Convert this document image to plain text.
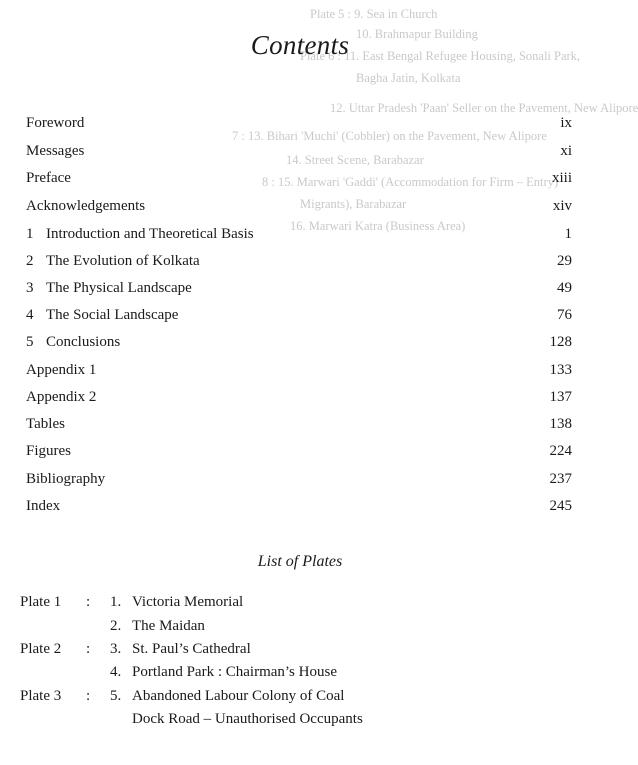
Plate 5 : 9. Sea in Church
10. Brahmapur Building
Plate 6 : 11. East Bengal Refugee Housing, Sonali Park,
Bagha Jatin, Kolkata
12. Uttar Pradesh 'Paan' Seller on the Pavement, New Alipore
7 : 13. Bihari 'Muchi' (Cobbler) on the Pavement, New Alipore
14. Street Scene, Barabazar
8 : 15. Marwari 'Gaddi' (Accommodation for Firm – Entry)
Migrants), Barabazar
16. Marwari Katra (Business Area)
Contents
Foreword	ix
Messages	xi
Preface	xiii
Acknowledgements	xiv
1 Introduction and Theoretical Basis	1
2 The Evolution of Kolkata	29
3 The Physical Landscape	49
4 The Social Landscape	76
5 Conclusions	128
Appendix 1	133
Appendix 2	137
Tables	138
Figures	224
Bibliography	237
Index	245
List of Plates
Plate 1 : 1. Victoria Memorial
2. The Maidan
Plate 2 : 3. St. Paul’s Cathedral
4. Portland Park : Chairman’s House
Plate 3 : 5. Abandoned Labour Colony of Coal
Dock Road – Unauthorised Occupants
